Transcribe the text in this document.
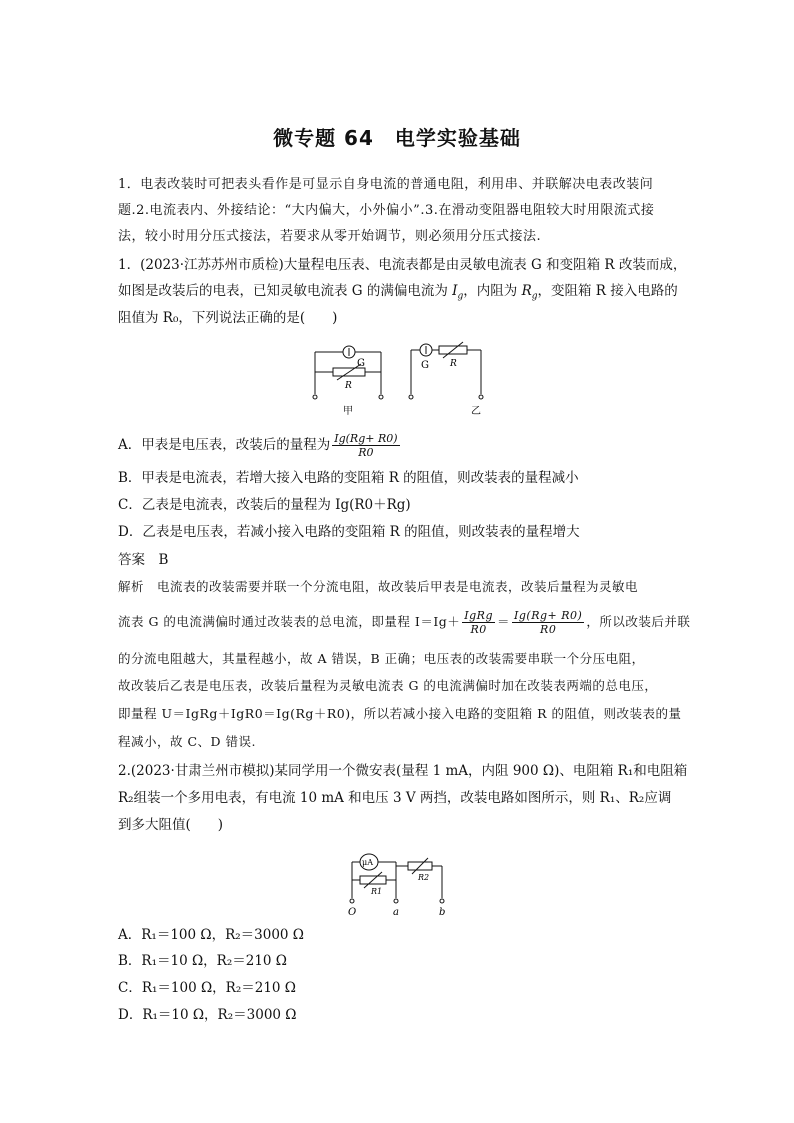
微专题 64　电学实验基础
1．电表改装时可把表头看作是可显示自身电流的普通电阻，利用串、并联解决电表改装问
题.2.电流表内、外接结论：“大内偏大，小外偏小”.3.在滑动变阻器电阻较大时用限流式接
法，较小时用分压式接法，若要求从零开始调节，则必须用分压式接法.
1．(2023·江苏苏州市质检)大量程电压表、电流表都是由灵敏电流表 G 和变阻箱 R 改装而成，
如图是改装后的电表，已知灵敏电流表 G 的满偏电流为 $I_g$，内阻为 $R_g$，变阻箱 R 接入电路的
阻值为 R₀，下列说法正确的是(　　)
G
R
甲
G R
乙
A．甲表是电压表，改装后的量程为 $\frac{Ig(Rg+ R0)}{R0}$
B．甲表是电流表，若增大接入电路的变阻箱 R 的阻值，则改装表的量程减小
C．乙表是电流表，改装后的量程为 Ig(R0＋Rg)
D．乙表是电压表，若减小接入电路的变阻箱 R 的阻值，则改装表的量程增大
答案　B
解析　电流表的改装需要并联一个分流电阻，故改装后甲表是电流表，改装后量程为灵敏电
流表 G 的电流满偏时通过改装表的总电流，即量程 $I=Ig+ \frac{\text{IgRg}}{R0} = \frac{Ig(Rg+ R0)}{R0}$ ，所以改装后并联
的分流电阻越大，其量程越小，故 A 错误，B 正确；电压表的改装需要串联一个分压电阻，
故改装后乙表是电压表，改装后量程为灵敏电流表 G 的电流满偏时加在改装表两端的总电压，
即量程 U＝IgRg＋IgR0＝Ig(Rg＋R0)，所以若减小接入电路的变阻箱 R 的阻值，则改装表的量
程减小，故 C、D 错误.
2.(2023·甘肃兰州市模拟)某同学用一个微安表(量程 1 mA，内阻 900 Ω)、电阻箱 R₁和电阻箱
R₂组装一个多用电表，有电流 10 mA 和电压 3 V 两挡，改装电路如图所示，则 R₁、R₂应调
到多大阻值(　　)
μA
R1
R2
O	a	b
A．R₁＝100 Ω，R₂＝3000 Ω
B．R₁＝10 Ω，R₂＝210 Ω
C．R₁＝100 Ω，R₂＝210 Ω
D．R₁＝10 Ω，R₂＝3000 Ω
